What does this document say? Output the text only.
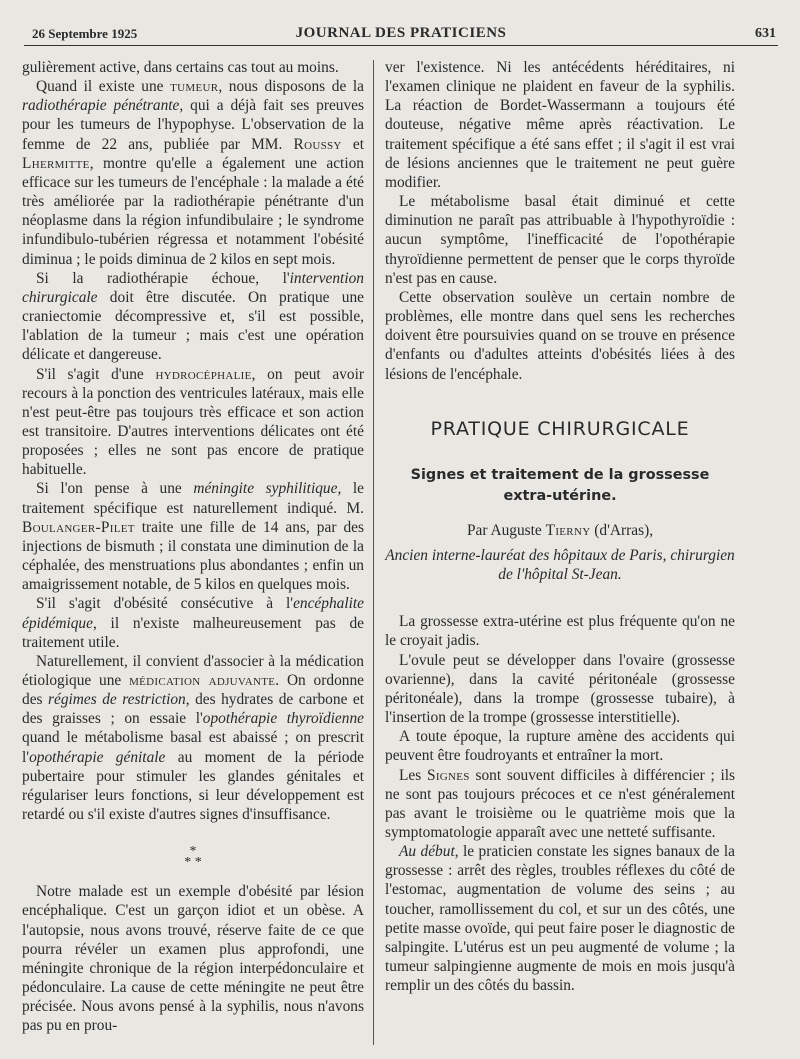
26 Septembre 1925	JOURNAL DES PRATICIENS	631

gulièrement active, dans certains cas tout au moins.

Quand il existe une tumeur, nous disposons de la radiothérapie pénétrante, qui a déjà fait ses preuves pour les tumeurs de l'hypophyse. L'observation de la femme de 22 ans, publiée par MM. Roussy et Lhermitte, montre qu'elle a également une action efficace sur les tumeurs de l'encéphale : la malade a été très améliorée par la radiothérapie pénétrante d'un néoplasme dans la région infundibulaire ; le syndrome infundibulo-tubérien régressa et notamment l'obésité diminua ; le poids diminua de 2 kilos en sept mois.

Si la radiothérapie échoue, l'intervention chirurgicale doit être discutée. On pratique une craniectomie décompressive et, s'il est possible, l'ablation de la tumeur ; mais c'est une opération délicate et dangereuse.

S'il s'agit d'une hydrocéphalie, on peut avoir recours à la ponction des ventricules latéraux, mais elle n'est peut-être pas toujours très efficace et son action est transitoire. D'autres interventions délicates ont été proposées ; elles ne sont pas encore de pratique habituelle.

Si l'on pense à une méningite syphilitique, le traitement spécifique est naturellement indiqué. M. Boulanger-Pilet traite une fille de 14 ans, par des injections de bismuth ; il constata une diminution de la céphalée, des menstruations plus abondantes ; enfin un amaigrissement notable, de 5 kilos en quelques mois.

S'il s'agit d'obésité consécutive à l'encéphalite épidémique, il n'existe malheureusement pas de traitement utile.

Naturellement, il convient d'associer à la médication étiologique une médication adjuvante. On ordonne des régimes de restriction, des hydrates de carbone et des graisses ; on essaie l'opothérapie thyroïdienne quand le métabolisme basal est abaissé ; on prescrit l'opothérapie génitale au moment de la période pubertaire pour stimuler les glandes génitales et régulariser leurs fonctions, si leur développement est retardé ou s'il existe d'autres signes d'insuffisance.

*
* *

Notre malade est un exemple d'obésité par lésion encéphalique. C'est un garçon idiot et un obèse. A l'autopsie, nous avons trouvé, réserve faite de ce que pourra révéler un examen plus approfondi, une méningite chronique de la région interpédonculaire et pédonculaire. La cause de cette méningite ne peut être précisée. Nous avons pensé à la syphilis, nous n'avons pas pu en prou-

ver l'existence. Ni les antécédents héréditaires, ni l'examen clinique ne plaident en faveur de la syphilis. La réaction de Bordet-Wassermann a toujours été douteuse, négative même après réactivation. Le traitement spécifique a été sans effet ; il s'agit il est vrai de lésions anciennes que le traitement ne peut guère modifier.

Le métabolisme basal était diminué et cette diminution ne paraît pas attribuable à l'hypothyroïdie : aucun symptôme, l'inefficacité de l'opothérapie thyroïdienne permettent de penser que le corps thyroïde n'est pas en cause.

Cette observation soulève un certain nombre de problèmes, elle montre dans quel sens les recherches doivent être poursuivies quand on se trouve en présence d'enfants ou d'adultes atteints d'obésités liées à des lésions de l'encéphale.

PRATIQUE CHIRURGICALE
Signes et traitement de la grossesse extra-utérine.
Par Auguste Tierny (d'Arras),
Ancien interne-lauréat des hôpitaux de Paris, chirurgien de l'hôpital St-Jean.

La grossesse extra-utérine est plus fréquente qu'on ne le croyait jadis.

L'ovule peut se développer dans l'ovaire (grossesse ovarienne), dans la cavité péritonéale (grossesse péritonéale), dans la trompe (grossesse tubaire), à l'insertion de la trompe (grossesse interstitielle).

A toute époque, la rupture amène des accidents qui peuvent être foudroyants et entraîner la mort.

Les Signes sont souvent difficiles à différencier ; ils ne sont pas toujours précoces et ce n'est généralement pas avant le troisième ou le quatrième mois que la symptomatologie apparaît avec une netteté suffisante.

Au début, le praticien constate les signes banaux de la grossesse : arrêt des règles, troubles réflexes du côté de l'estomac, augmentation de volume des seins ; au toucher, ramollissement du col, et sur un des côtés, une petite masse ovoïde, qui peut faire poser le diagnostic de salpingite. L'utérus est un peu augmenté de volume ; la tumeur salpingienne augmente de mois en mois jusqu'à remplir un des côtés du bassin.
